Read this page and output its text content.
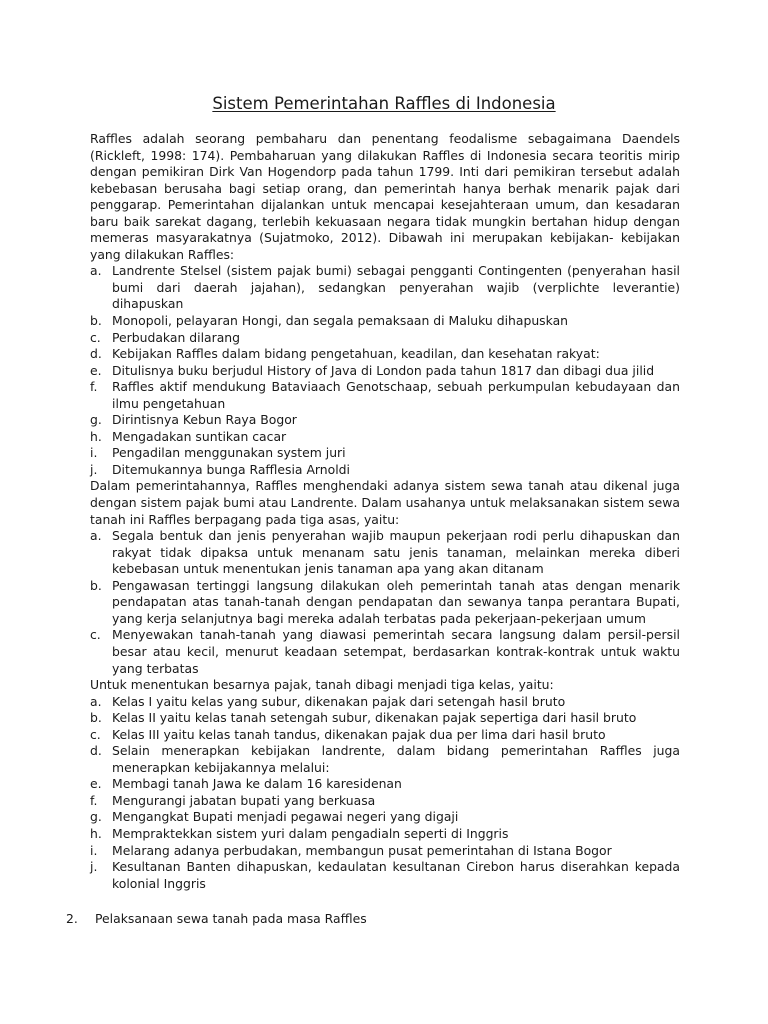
Sistem Pemerintahan Raffles di Indonesia

Raffles adalah seorang pembaharu dan penentang feodalisme sebagaimana Daendels (Rickleft, 1998: 174). Pembaharuan yang dilakukan Raffles di Indonesia secara teoritis mirip dengan pemikiran Dirk Van Hogendorp pada tahun 1799. Inti dari pemikiran tersebut adalah kebebasan berusaha bagi setiap orang, dan pemerintah hanya berhak menarik pajak dari penggarap. Pemerintahan dijalankan untuk mencapai kesejahteraan umum, dan kesadaran baru baik sarekat dagang, terlebih kekuasaan negara tidak mungkin bertahan hidup dengan memeras masyarakatnya (Sujatmoko, 2012). Dibawah ini merupakan kebijakan- kebijakan yang dilakukan Raffles:

a. Landrente Stelsel (sistem pajak bumi) sebagai pengganti Contingenten (penyerahan hasil bumi dari daerah jajahan), sedangkan penyerahan wajib (verplichte leverantie) dihapuskan
b. Monopoli, pelayaran Hongi, dan segala pemaksaan di Maluku dihapuskan
c. Perbudakan dilarang
d. Kebijakan Raffles dalam bidang pengetahuan, keadilan, dan kesehatan rakyat:
e. Ditulisnya buku berjudul History of Java di London pada tahun 1817 dan dibagi dua jilid
f.	Raffles aktif mendukung Bataviaach Genotschaap, sebuah perkumpulan kebudayaan dan ilmu pengetahuan
g. Dirintisnya Kebun Raya Bogor
h. Mengadakan suntikan cacar
i.	Pengadilan menggunakan system juri
j.	Ditemukannya bunga Rafflesia Arnoldi

Dalam pemerintahannya, Raffles menghendaki adanya sistem sewa tanah atau dikenal juga dengan sistem pajak bumi atau Landrente. Dalam usahanya untuk melaksanakan sistem sewa tanah ini Raffles berpagang pada tiga asas, yaitu:

a. Segala bentuk dan jenis penyerahan wajib maupun pekerjaan rodi perlu dihapuskan dan rakyat tidak dipaksa untuk menanam satu jenis tanaman, melainkan mereka diberi kebebasan untuk menentukan jenis tanaman apa yang akan ditanam
b. Pengawasan tertinggi langsung dilakukan oleh pemerintah tanah atas dengan menarik pendapatan atas tanah-tanah dengan pendapatan dan sewanya tanpa perantara Bupati, yang kerja selanjutnya bagi mereka adalah terbatas pada pekerjaan-pekerjaan umum
c. Menyewakan tanah-tanah yang diawasi pemerintah secara langsung dalam persil-persil besar atau kecil, menurut keadaan setempat, berdasarkan kontrak-kontrak untuk waktu yang terbatas

Untuk menentukan besarnya pajak, tanah dibagi menjadi tiga kelas, yaitu:

a. Kelas I yaitu kelas yang subur, dikenakan pajak dari setengah hasil bruto
b. Kelas II yaitu kelas tanah setengah subur, dikenakan pajak sepertiga dari hasil bruto
c. Kelas III yaitu kelas tanah tandus, dikenakan pajak dua per lima dari hasil bruto
d. Selain menerapkan kebijakan landrente, dalam bidang pemerintahan Raffles juga menerapkan kebijakannya melalui:
e. Membagi tanah Jawa ke dalam 16 karesidenan
f.	Mengurangi jabatan bupati yang berkuasa
g. Mengangkat Bupati menjadi pegawai negeri yang digaji
h. Mempraktekkan sistem yuri dalam pengadialn seperti di Inggris
i.	Melarang adanya perbudakan, membangun pusat pemerintahan di Istana Bogor
j.	Kesultanan Banten dihapuskan, kedaulatan kesultanan Cirebon harus diserahkan kepada kolonial Inggris
2.	Pelaksanaan sewa tanah pada masa Raffles
